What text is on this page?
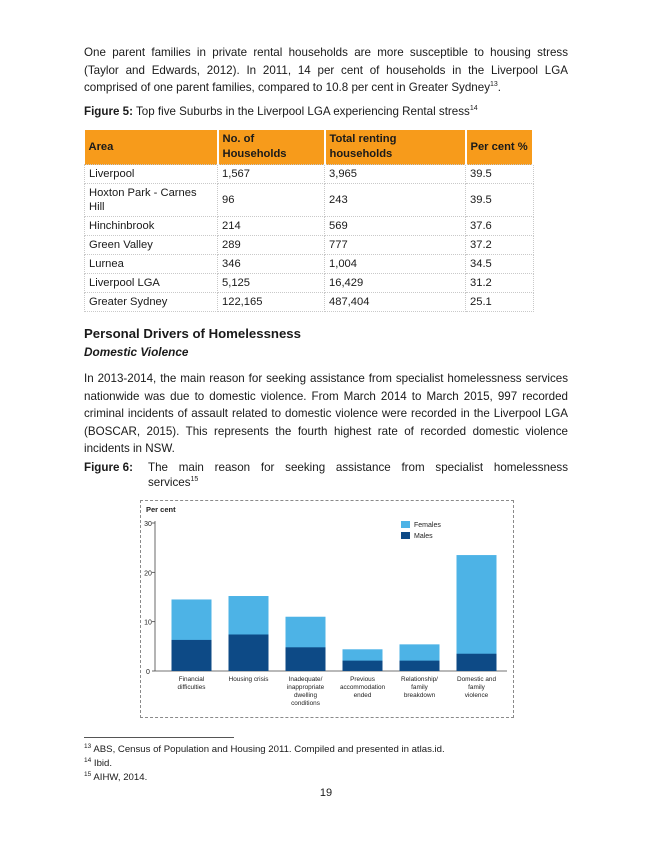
One parent families in private rental households are more susceptible to housing stress (Taylor and Edwards, 2012). In 2011, 14 per cent of households in the Liverpool LGA comprised of one parent families, compared to 10.8 per cent in Greater Sydney$^{13}$.

Figure 5: Top five Suburbs in the Liverpool LGA experiencing Rental stress$^{14}$

Area	No. of Households	Total renting households	Per cent %
Liverpool	1,567	3,965	39.5
Hoxton Park - Carnes Hill	96	243	39.5
Hinchinbrook	214	569	37.6
Green Valley	289	777	37.2
Lurnea	346	1,004	34.5
Liverpool LGA	5,125	16,429	31.2
Greater Sydney	122,165	487,404	25.1

Personal Drivers of Homelessness

Domestic Violence

In 2013-2014, the main reason for seeking assistance from specialist homelessness services nationwide was due to domestic violence. From March 2014 to March 2015, 997 recorded criminal incidents of assault related to domestic violence were recorded in the Liverpool LGA (BOSCAR, 2015). This represents the fourth highest rate of recorded domestic violence incidents in NSW.

Figure 6:	The main reason for seeking assistance from specialist homelessness
services$^{15}$
Per cent
0
10
20
30
Financial
difficulties
Housing crisis	Inadequate/
inappropriate
dwelling
conditions
Previous
accommodation
ended
Relationship/
family
breakdown
Domestic and
family
violence
Females
Males

$^{13}$ ABS, Census of Population and Housing 2011. Compiled and presented in atlas.id.

$^{14}$ Ibid.

$^{15}$ AIHW, 2014.

19
